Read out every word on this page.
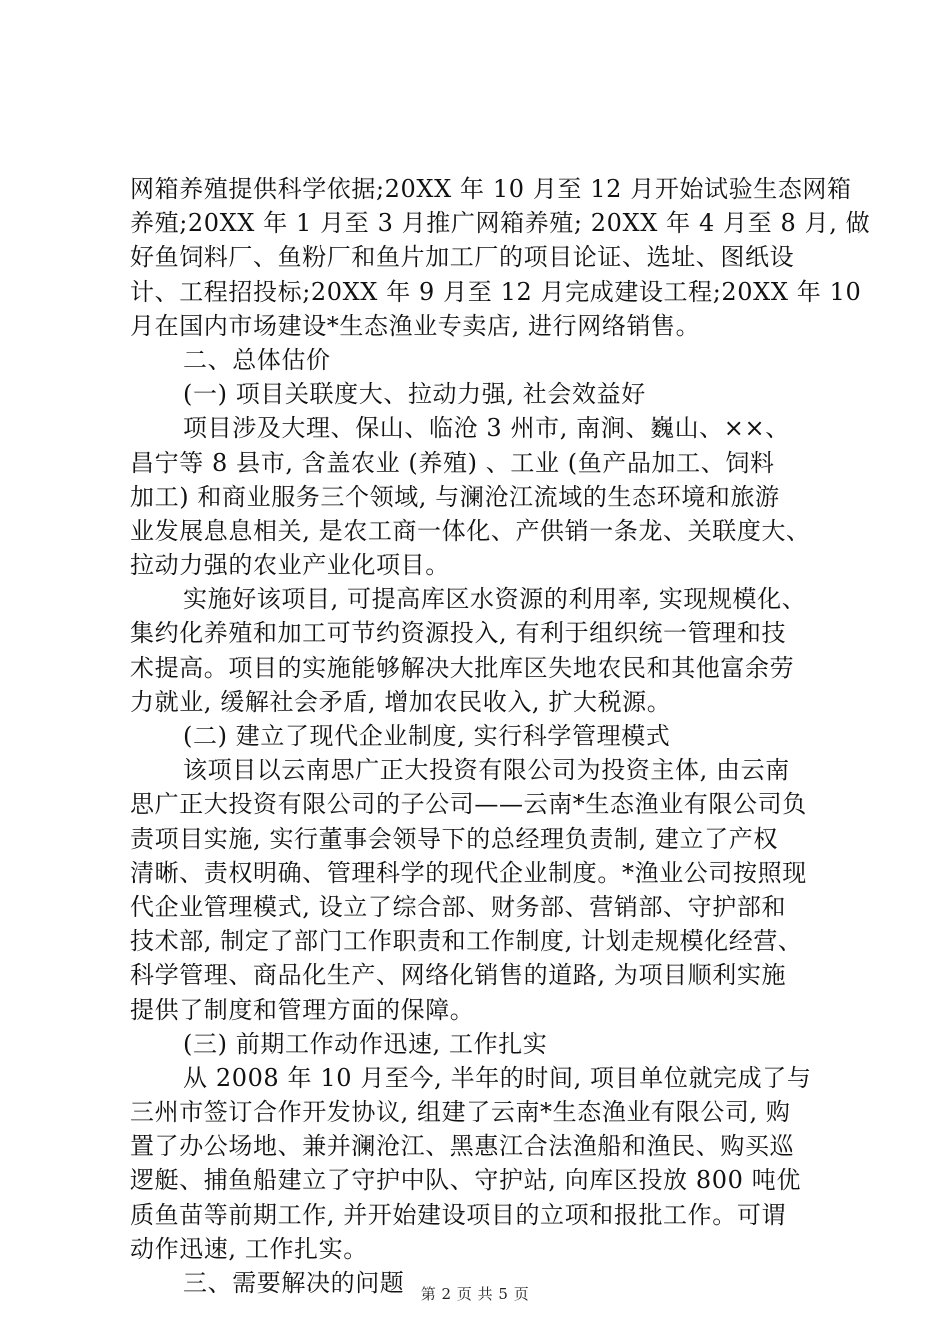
网箱养殖提供科学依据;20XX 年 10 月至 12 月开始试验生态网箱
养殖;20XX 年 1 月至 3 月推广网箱养殖; 20XX 年 4 月至 8 月, 做
好鱼饲料厂、鱼粉厂和鱼片加工厂的项目论证、选址、图纸设
计、工程招投标;20XX 年 9 月至 12 月完成建设工程;20XX 年 10
月在国内市场建设*生态渔业专卖店, 进行网络销售。
二、总体估价
(一) 项目关联度大、拉动力强, 社会效益好
项目涉及大理、保山、临沧 3 州市, 南涧、巍山、××、
昌宁等 8 县市, 含盖农业 (养殖) 、工业 (鱼产品加工、饲料
加工) 和商业服务三个领域, 与澜沧江流域的生态环境和旅游
业发展息息相关, 是农工商一体化、产供销一条龙、关联度大、
拉动力强的农业产业化项目。
实施好该项目, 可提高库区水资源的利用率, 实现规模化、
集约化养殖和加工可节约资源投入, 有利于组织统一管理和技
术提高。项目的实施能够解决大批库区失地农民和其他富余劳
力就业, 缓解社会矛盾, 增加农民收入, 扩大税源。
(二) 建立了现代企业制度, 实行科学管理模式
该项目以云南思广正大投资有限公司为投资主体, 由云南
思广正大投资有限公司的子公司——云南*生态渔业有限公司负
责项目实施, 实行董事会领导下的总经理负责制, 建立了产权
清晰、责权明确、管理科学的现代企业制度。*渔业公司按照现
代企业管理模式, 设立了综合部、财务部、营销部、守护部和
技术部, 制定了部门工作职责和工作制度, 计划走规模化经营、
科学管理、商品化生产、网络化销售的道路, 为项目顺利实施
提供了制度和管理方面的保障。
(三) 前期工作动作迅速, 工作扎实
从 2008 年 10 月至今, 半年的时间, 项目单位就完成了与
三州市签订合作开发协议, 组建了云南*生态渔业有限公司, 购
置了办公场地、兼并澜沧江、黑惠江合法渔船和渔民、购买巡
逻艇、捕鱼船建立了守护中队、守护站, 向库区投放 800 吨优
质鱼苗等前期工作, 并开始建设项目的立项和报批工作。可谓
动作迅速, 工作扎实。
三、需要解决的问题	第 2 页 共 5 页
